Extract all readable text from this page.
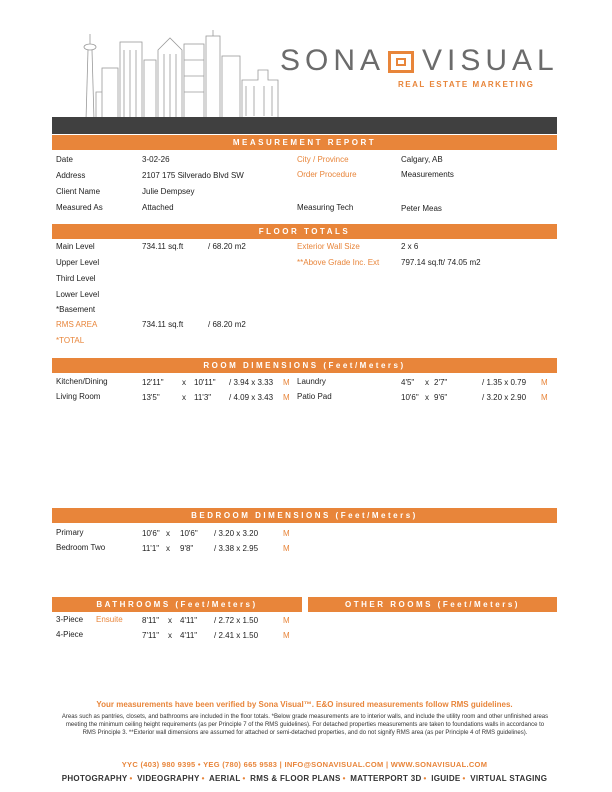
SONA VISUAL
REAL ESTATE MARKETING
MEASUREMENT REPORT
Date	3-02-26
Address	2107 175 Silverado Blvd SW
Client Name	Julie Dempsey
Measured As	Attached
City / Province	Calgary, AB
Order Procedure	Measurements
Measuring Tech	Peter Meas
FLOOR TOTALS
Main Level	734.11 sq.ft	/ 68.20 m2
Upper Level
Third Level
Lower Level
*Basement
RMS AREA	734.11 sq.ft	/ 68.20 m2
*TOTAL
Exterior Wall Size	2 x 6
**Above Grade Inc. Ext	797.14 sq.ft/ 74.05 m2
ROOM DIMENSIONS (Feet/Meters)
Kitchen/Dining	12'11" x 10'11" / 3.94 x 3.33 M
Living Room	13'5"	x 11'3" / 4.09 x 3.43 M
Laundry	4'5" x 2'7"	/ 1.35 x 0.79 M
Patio Pad	10'6" x 9'6"	/ 3.20 x 2.90 M
BEDROOM DIMENSIONS (Feet/Meters)
Primary	10'6" x 10'6" / 3.20 x 3.20	M
Bedroom Two	11'1" x 9'8"	/ 3.38 x 2.95	M
BATHROOMS (Feet/Meters)	OTHER ROOMS (Feet/Meters)
3-Piece Ensuite 8'11" x 4'11" / 2.72 x 1.50	M
4-Piece	7'11" x 4'11" / 2.41 x 1.50	M
Your measurements have been verified by Sona Visual™. E&O insured measurements follow RMS guidelines.
Areas such as pantries, closets, and bathrooms are included in the floor totals. *Below grade measurements are to interior walls, and include the utility room and other unfinished areas meeting the minimum ceiling height requirements (as per Principle 7 of the RMS guidelines). For detached properties measurements are taken to foundations walls in accordance to RMS Principle 3. **Exterior wall dimensions are assumed for attached or semi-detached properties, and do not signify RMS area (as per Principle 4 of RMS guidelines).
YYC (403) 980 9395 • YEG (780) 665 9583 | INFO@SONAVISUAL.COM | WWW.SONAVISUAL.COM
PHOTOGRAPHY • VIDEOGRAPHY • AERIAL • RMS & FLOOR PLANS • MATTERPORT 3D • IGUIDE • VIRTUAL STAGING
